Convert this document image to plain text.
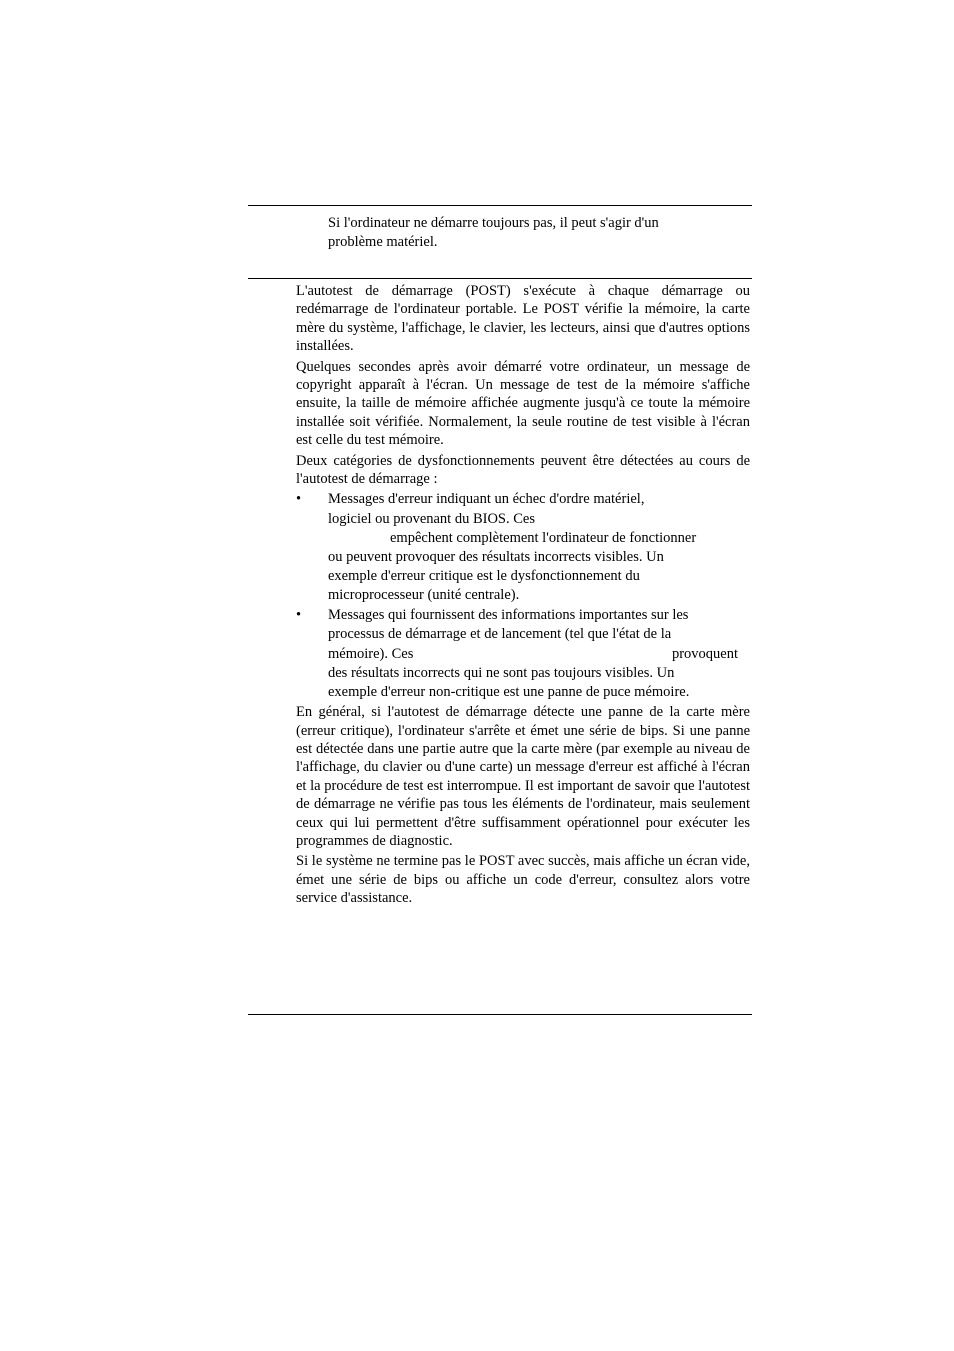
Si l'ordinateur ne démarre toujours pas, il peut s'agir d'un
problème matériel.

L'autotest de démarrage (POST) s'exécute à chaque démarrage ou redémarrage de l'ordinateur portable. Le POST vérifie la mémoire, la carte mère du système, l'affichage, le clavier, les lecteurs, ainsi que d'autres options installées.

Quelques secondes après avoir démarré votre ordinateur, un message de copyright apparaît à l'écran. Un message de test de la mémoire s'affiche ensuite, la taille de mémoire affichée augmente jusqu'à ce toute la mémoire installée soit vérifiée. Normalement, la seule routine de test visible à l'écran est celle du test mémoire.

Deux catégories de dysfonctionnements peuvent être détectées au cours de l'autotest de démarrage :

• Messages d'erreur indiquant un échec d'ordre matériel,
logiciel ou provenant du BIOS. Ces
empêchent complètement l'ordinateur de fonctionner
ou peuvent provoquer des résultats incorrects visibles. Un
exemple d'erreur critique est le dysfonctionnement du
microprocesseur (unité centrale).
• Messages qui fournissent des informations importantes sur les
processus de démarrage et de lancement (tel que l'état de la
mémoire). Ces	provoquent
des résultats incorrects qui ne sont pas toujours visibles. Un
exemple d'erreur non-critique est une panne de puce mémoire.

En général, si l'autotest de démarrage détecte une panne de la carte mère (erreur critique), l'ordinateur s'arrête et émet une série de bips. Si une panne est détectée dans une partie autre que la carte mère (par exemple au niveau de l'affichage, du clavier ou d'une carte) un message d'erreur est affiché à l'écran et la procédure de test est interrompue. Il est important de savoir que l'autotest de démarrage ne vérifie pas tous les éléments de l'ordinateur, mais seulement ceux qui lui permettent d'être suffisamment opérationnel pour exécuter les programmes de diagnostic.

Si le système ne termine pas le POST avec succès, mais affiche un écran vide, émet une série de bips ou affiche un code d'erreur, consultez alors votre service d'assistance.
